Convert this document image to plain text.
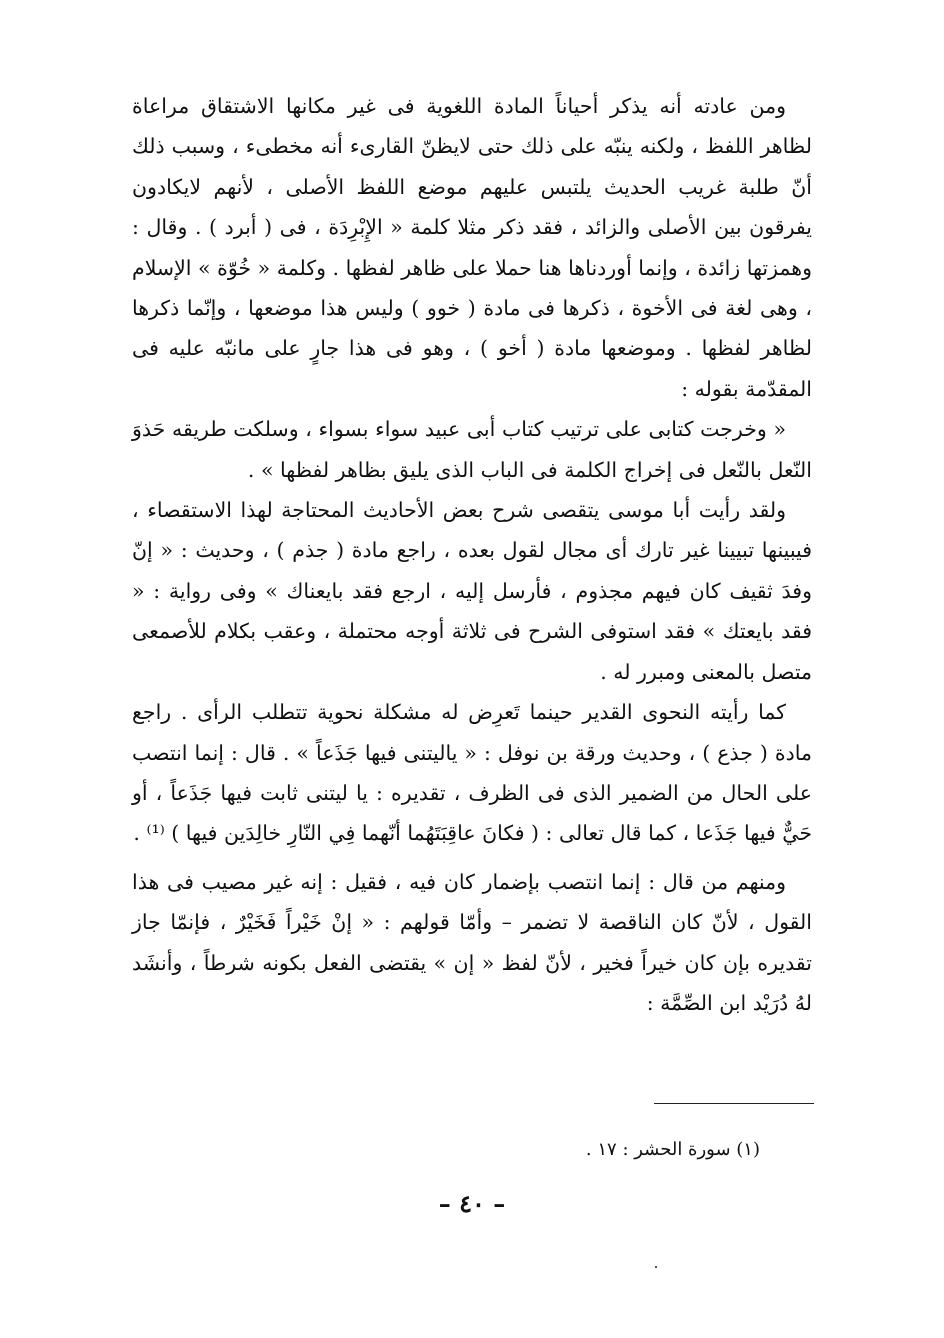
ومن عادته أنه يذكر أحياناً المادة اللغوية فى غير مكانها الاشتقاق مراعاة لظاهر اللفظ ، ولكنه ينبّه على ذلك حتى لايظنّ القارىء أنه مخطىء ، وسبب ذلك أنّ طلبة غريب الحديث يلتبس عليهم موضع اللفظ الأصلى ، لأنهم لايكادون يفرقون بين الأصلى والزائد ، فقد ذكر مثلا كلمة « الإِبْرِدَة ، فى ( أبرد ) . وقال : وهمزتها زائدة ، وإنما أوردناها هنا حملا على ظاهر لفظها . وكلمة « خُوّة » الإسلام ، وهى لغة فى الأخوة ، ذكرها فى مادة ( خوو ) وليس هذا موضعها ، وإنّما ذكرها لظاهر لفظها . وموضعها مادة ( أخو ) ، وهو فى هذا جارٍ على مانبّه عليه فى المقدّمة بقوله :

« وخرجت كتابى على ترتيب كتاب أبى عبيد سواء بسواء ، وسلكت طريقه حَذوَ النّعل بالنّعل فى إخراج الكلمة فى الباب الذى يليق بظاهر لفظها » .

ولقد رأيت أبا موسى يتقصى شرح بعض الأحاديث المحتاجة لهذا الاستقصاء ، فيبينها تبيينا غير تارك أى مجال لقول بعده ، راجع مادة ( جذم ) ، وحديث : « إنّ وفدَ ثقيف كان فيهم مجذوم ، فأرسل إليه ، ارجع فقد بايعناك » وفى رواية : « فقد بايعتك » فقد استوفى الشرح فى ثلاثة أوجه محتملة ، وعقب بكلام للأصمعى متصل بالمعنى ومبرر له .

كما رأيته النحوى القدير حينما تَعرِض له مشكلة نحوية تتطلب الرأى . راجع مادة ( جذع ) ، وحديث ورقة بن نوفل : « ياليتنى فيها جَذَعاً » . قال : إنما انتصب على الحال من الضمير الذى فى الظرف ، تقديره : يا ليتنى ثابت فيها جَذَعاً ، أو حَيٌّ فيها جَذَعا ، كما قال تعالى : ( فكانَ عاقِبَتَهُما أنّهما فِي النّارِ خالِدَين فيها ) ⁽¹⁾ .

ومنهم من قال : إنما انتصب بإضمار كان فيه ، فقيل : إنه غير مصيب فى هذا القول ، لأنّ كان الناقصة لا تضمر – وأمّا قولهم : « إنْ خَيْراً فَخَيْرٌ ، فإنمّا جاز تقديره بإن كان خيراً فخير ، لأنّ لفظ « إن » يقتضى الفعل بكونه شرطاً ، وأنشَد لهُ دُرَيْد ابن الصِّمَّة :

(١) سورة الحشر : ١٧ .
– ٤٠ –
